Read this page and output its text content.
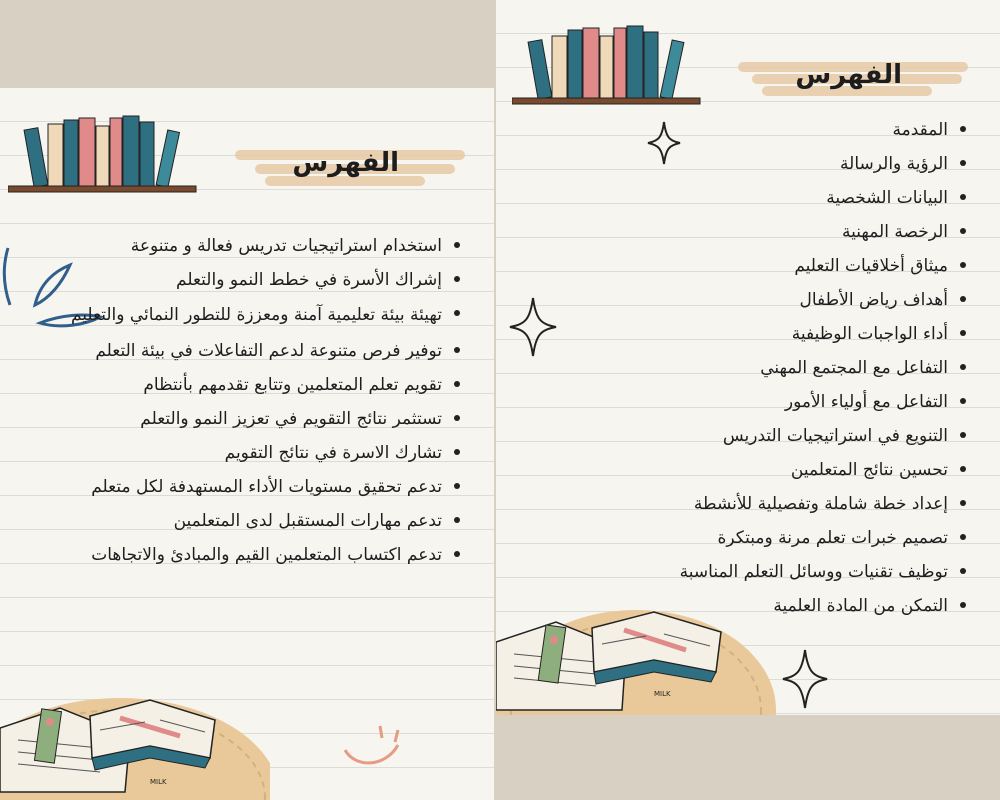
الفهرس
استخدام استراتيجيات تدريس فعالة و متنوعة
إشراك الأسرة في خطط النمو والتعلم
تهيئة بيئة تعليمية آمنة ومعززة للتطور النمائي والتعليم
توفير فرص متنوعة لدعم التفاعلات في بيئة التعلم
تقويم تعلم المتعلمين وتتابع تقدمهم بأنتظام
تستثمر نتائج التقويم في تعزيز النمو والتعلم
تشارك الاسرة في نتائج التقويم
تدعم تحقيق مستويات الأداء المستهدفة لكل متعلم
تدعم مهارات المستقبل لدى المتعلمين
تدعم اكتساب المتعلمين القيم والمبادئ والاتجاهات
MILK
الفهرس
المقدمة
الرؤية والرسالة
البيانات الشخصية
الرخصة المهنية
ميثاق أخلاقيات التعليم
أهداف رياض الأطفال
أداء الواجبات الوظيفية
التفاعل مع المجتمع المهني
التفاعل مع أولياء الأمور
التنويع في استراتيجيات التدريس
تحسين نتائج المتعلمين
إعداد خطة شاملة وتفصيلية للأنشطة
تصميم خبرات تعلم مرنة ومبتكرة
توظيف تقنيات ووسائل التعلم المناسبة
التمكن من المادة العلمية
MILK
